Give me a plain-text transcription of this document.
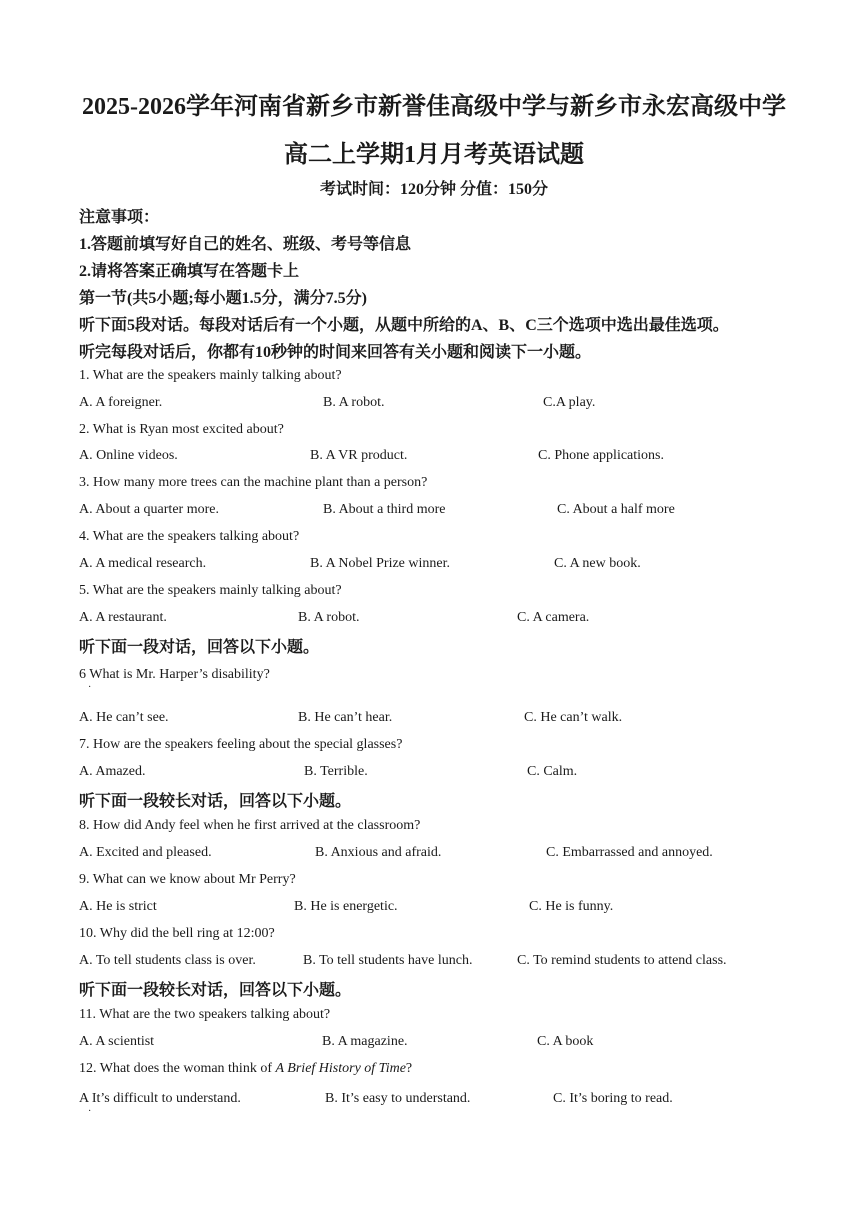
2025-2026学年河南省新乡市新誉佳高级中学与新乡市永宏高级中学
高二上学期1月月考英语试题
考试时间：120分钟 分值：150分
注意事项：
1.答题前填写好自己的姓名、班级、考号等信息
2.请将答案正确填写在答题卡上
第一节(共5小题;每小题1.5分，满分7.5分)
听下面5段对话。每段对话后有一个小题，从题中所给的A、B、C三个选项中选出最佳选项。
听完每段对话后，你都有10秒钟的时间来回答有关小题和阅读下一小题。
1. What are the speakers mainly talking about?
A. A foreigner.	B. A robot.	C.A play.
2. What is Ryan most excited about?
A. Online videos.	B. A VR product.	C. Phone applications.
3. How many more trees can the machine plant than a person?
A. About a quarter more.	B. About a third more	C. About a half more
4. What are the speakers talking about?
A. A medical research.	B. A Nobel Prize winner.	C. A new book.
5. What are the speakers mainly talking about?
A. A restaurant.	B. A robot.	C. A camera.
听下面一段对话，回答以下小题。
6 What is Mr. Harper’s disability?
·
A. He can’t see.	B. He can’t hear.	C. He can’t walk.
7. How are the speakers feeling about the special glasses?
A. Amazed.	B. Terrible.	C. Calm.
听下面一段较长对话，回答以下小题。
8. How did Andy feel when he first arrived at the classroom?
A. Excited and pleased.	B. Anxious and afraid.	C. Embarrassed and annoyed.
9. What can we know about Mr Perry?
A. He is strict	B. He is energetic.	C. He is funny.
10. Why did the bell ring at 12:00?
A. To tell students class is over.	B. To tell students have lunch.	C. To remind students to attend class.
听下面一段较长对话，回答以下小题。
11. What are the two speakers talking about?
A. A scientist	B. A magazine.	C. A book
12. What does the woman think of A Brief History of Time?
A It’s difficult to understand.	B. It’s easy to understand.	C. It’s boring to read.
·
